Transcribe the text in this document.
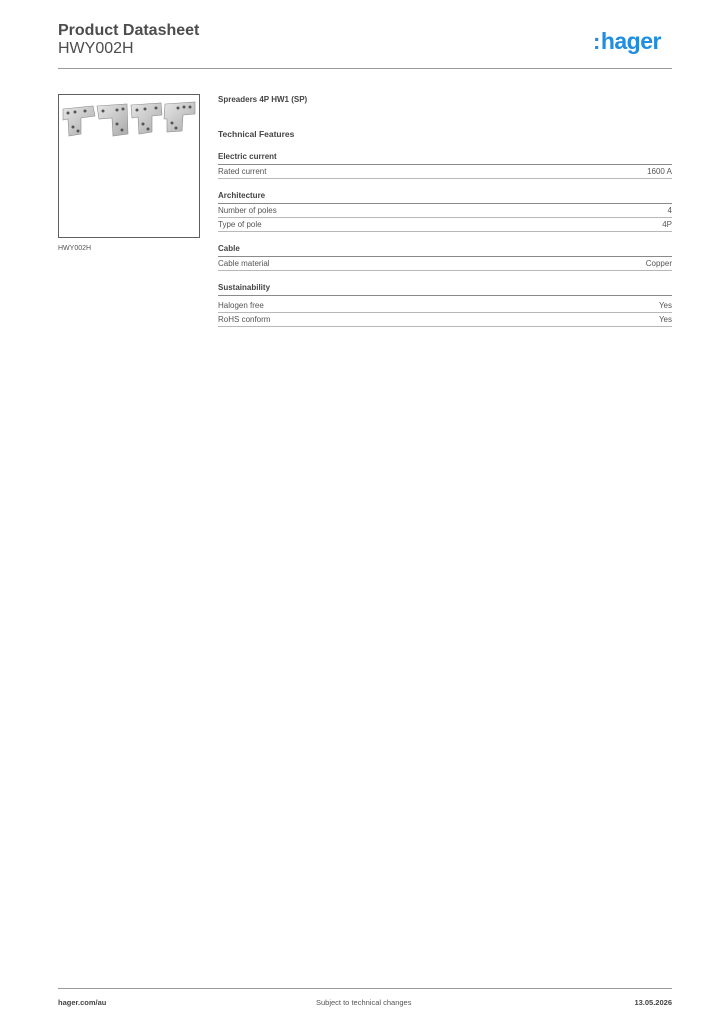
Product Datasheet
HWY002H	:hager
HWY002H
Spreaders 4P HW1 (SP)
Technical Features
Electric current
Rated current	1600 A
Architecture
Number of poles	4
Type of pole	4P
Cable
Cable material	Copper
Sustainability
Halogen free	Yes
RoHS conform	Yes
hager.com/au	Subject to technical changes	13.05.2026
